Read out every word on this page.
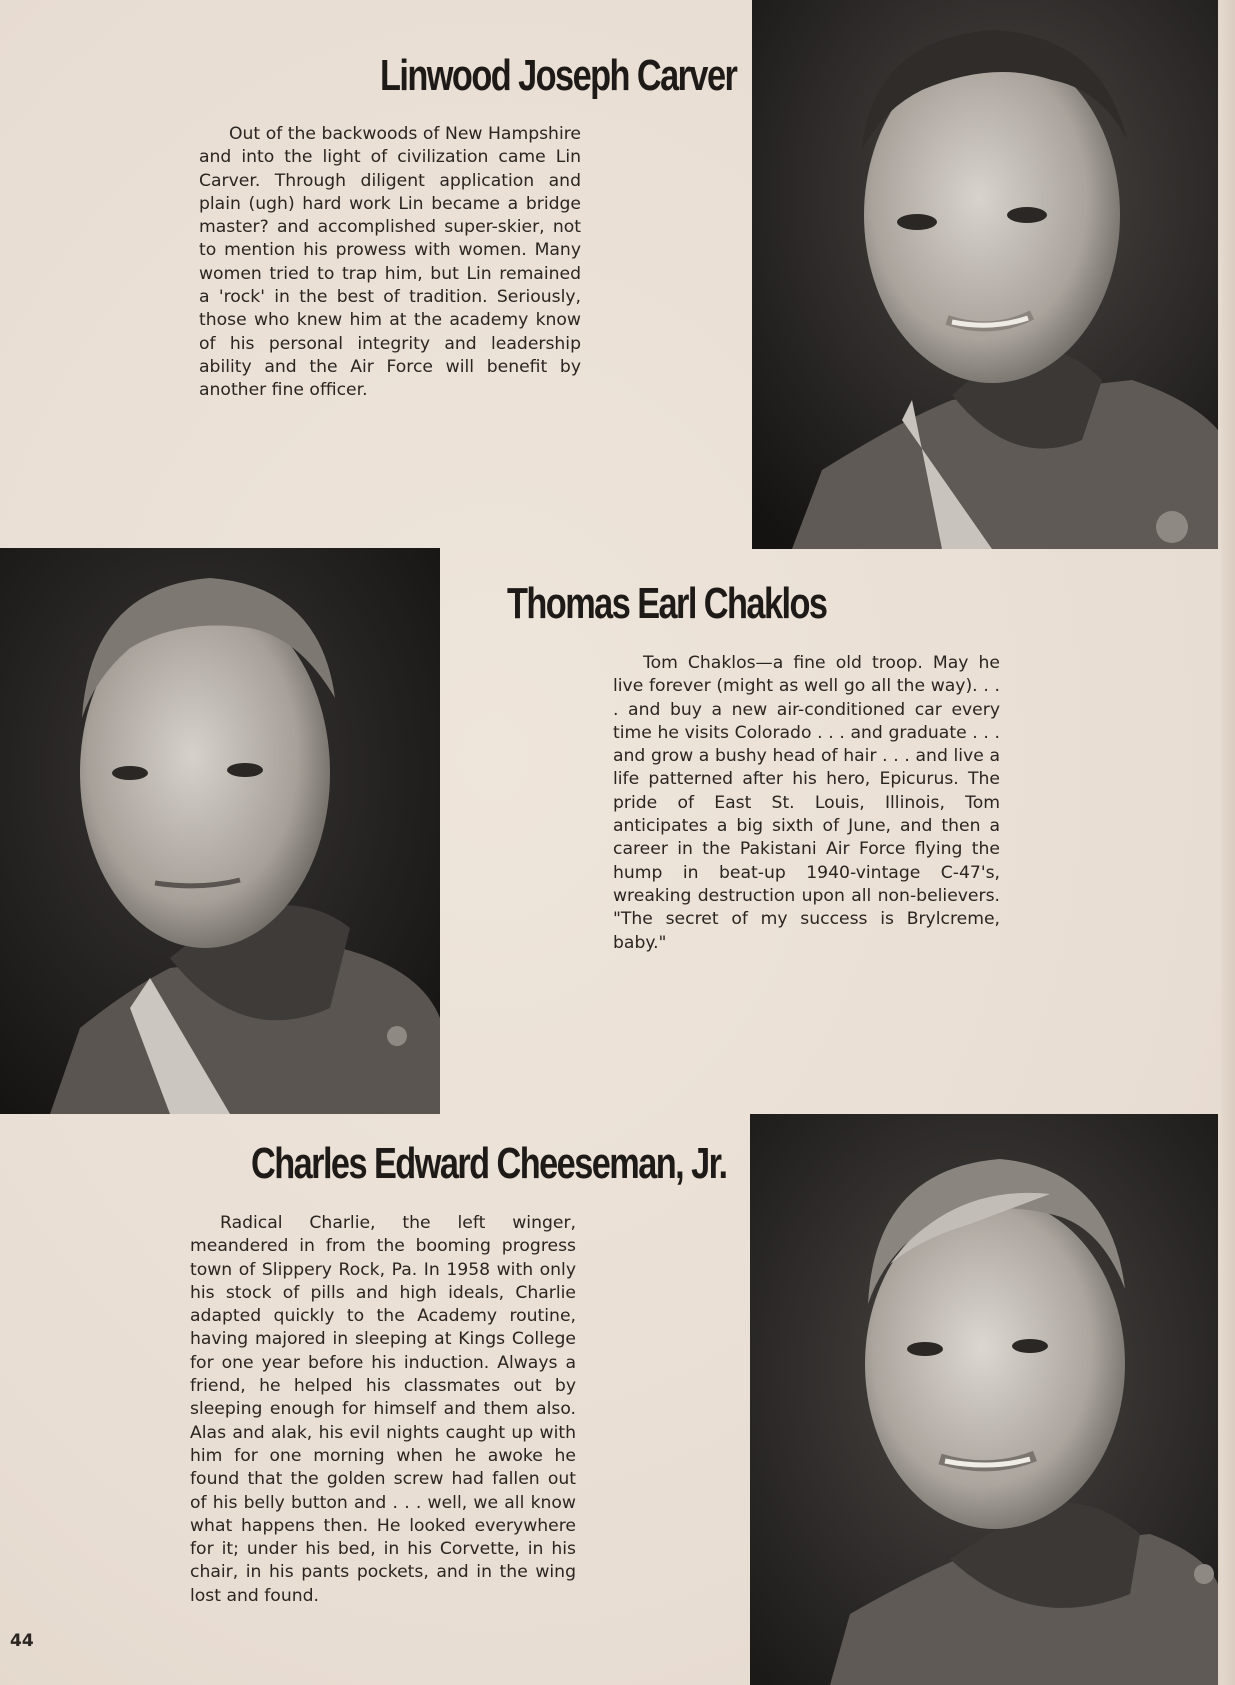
Linwood Joseph Carver

Out of the backwoods of New Hampshire and into the light of civilization came Lin Carver. Through diligent application and plain (ugh) hard work Lin became a bridge master? and accomplished super-skier, not to mention his prowess with women. Many women tried to trap him, but Lin remained a 'rock' in the best of tradition. Seriously, those who knew him at the academy know of his personal integrity and leadership ability and the Air Force will benefit by another fine officer.

Thomas Earl Chaklos

Tom Chaklos—a fine old troop. May he live forever (might as well go all the way). . . . and buy a new air-conditioned car every time he visits Colorado . . . and graduate . . . and grow a bushy head of hair . . . and live a life patterned after his hero, Epicurus. The pride of East St. Louis, Illinois, Tom anticipates a big sixth of June, and then a career in the Pakistani Air Force flying the hump in beat-up 1940-vintage C-47's, wreaking destruction upon all non-believers. "The secret of my success is Brylcreme, baby."

Charles Edward Cheeseman, Jr.

Radical Charlie, the left winger, meandered in from the booming progress town of Slippery Rock, Pa. In 1958 with only his stock of pills and high ideals, Charlie adapted quickly to the Academy routine, having majored in sleeping at Kings College for one year before his induction. Always a friend, he helped his classmates out by sleeping enough for himself and them also. Alas and alak, his evil nights caught up with him for one morning when he awoke he found that the golden screw had fallen out of his belly button and . . . well, we all know what happens then. He looked everywhere for it; under his bed, in his Corvette, in his chair, in his pants pockets, and in the wing lost and found.

44
